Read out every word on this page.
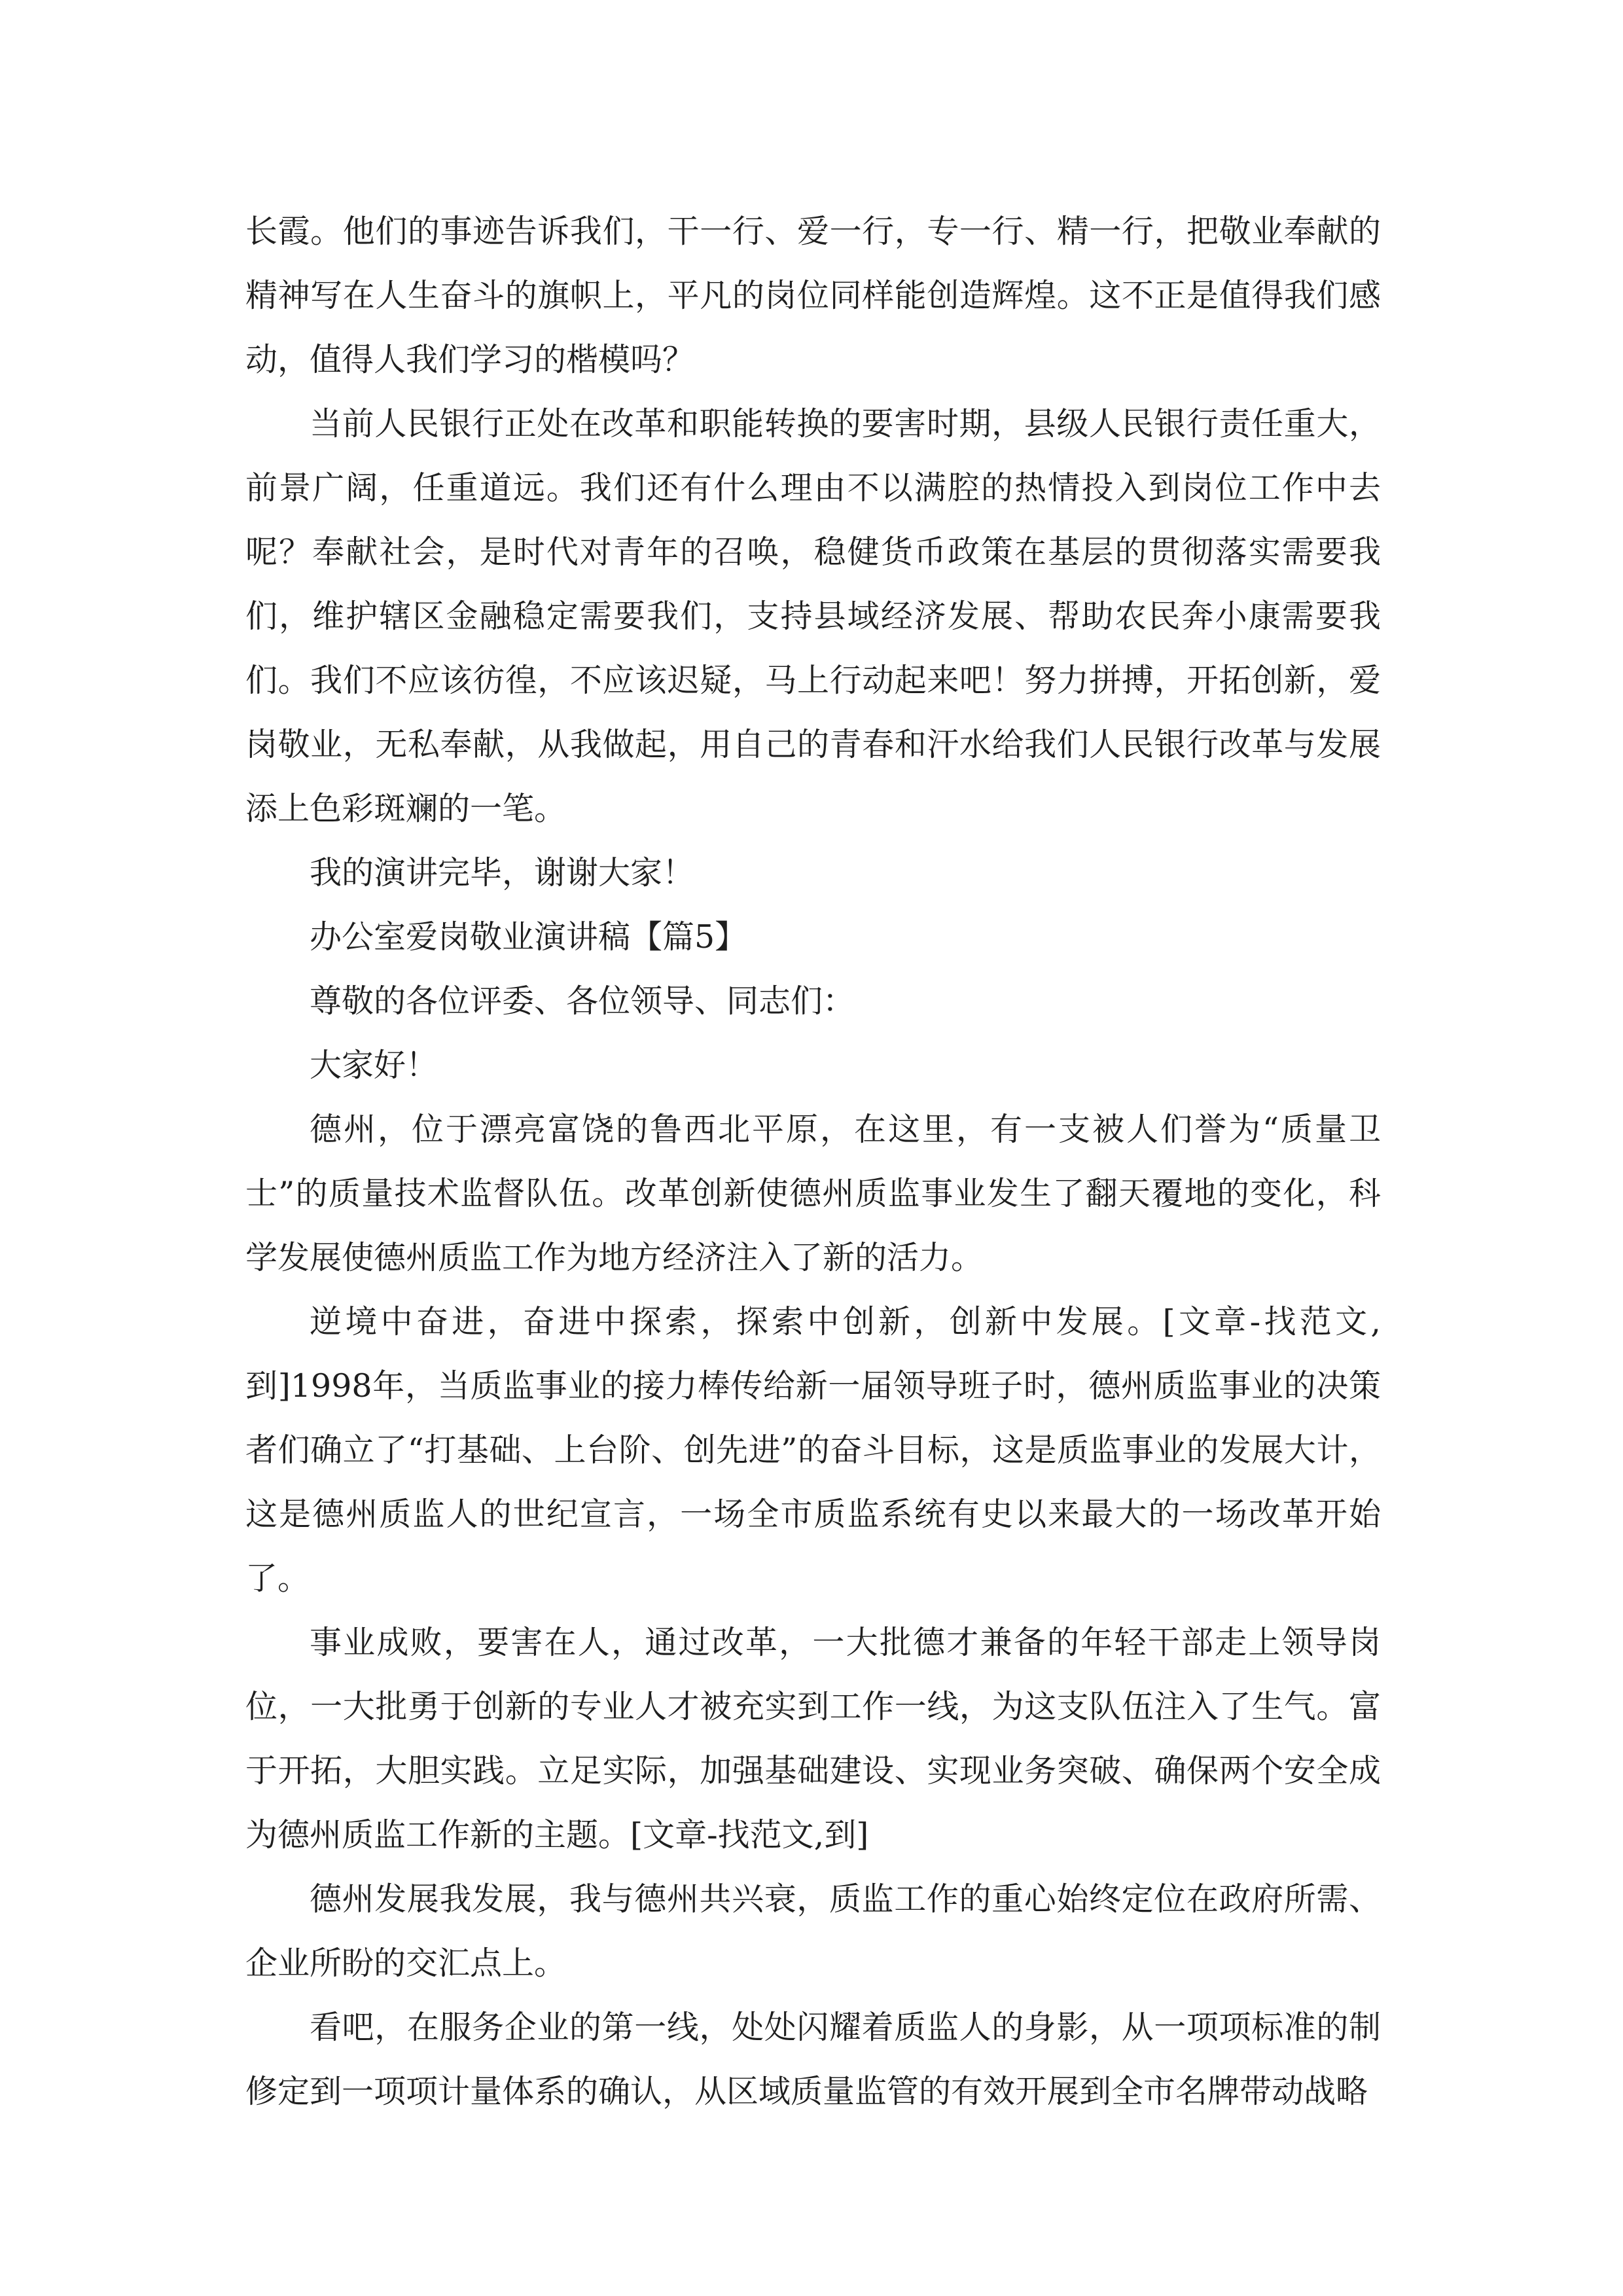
长霞。他们的事迹告诉我们，干一行、爱一行，专一行、精一行，把敬业奉献的精神写在人生奋斗的旗帜上，平凡的岗位同样能创造辉煌。这不正是值得我们感动，值得人我们学习的楷模吗？

当前人民银行正处在改革和职能转换的要害时期，县级人民银行责任重大，前景广阔，任重道远。我们还有什么理由不以满腔的热情投入到岗位工作中去呢？奉献社会，是时代对青年的召唤，稳健货币政策在基层的贯彻落实需要我们，维护辖区金融稳定需要我们，支持县域经济发展、帮助农民奔小康需要我们。我们不应该彷徨，不应该迟疑，马上行动起来吧！努力拼搏，开拓创新，爱岗敬业，无私奉献，从我做起，用自己的青春和汗水给我们人民银行改革与发展添上色彩斑斓的一笔。

我的演讲完毕，谢谢大家！

办公室爱岗敬业演讲稿【篇5】

尊敬的各位评委、各位领导、同志们：

大家好！

德州，位于漂亮富饶的鲁西北平原，在这里，有一支被人们誉为“质量卫士”的质量技术监督队伍。改革创新使德州质监事业发生了翻天覆地的变化，科学发展使德州质监工作为地方经济注入了新的活力。

逆境中奋进，奋进中探索，探索中创新，创新中发展。[文章-找范文,到]1998年，当质监事业的接力棒传给新一届领导班子时，德州质监事业的决策者们确立了“打基础、上台阶、创先进”的奋斗目标，这是质监事业的发展大计，这是德州质监人的世纪宣言，一场全市质监系统有史以来最大的一场改革开始了。

事业成败，要害在人，通过改革，一大批德才兼备的年轻干部走上领导岗位，一大批勇于创新的专业人才被充实到工作一线，为这支队伍注入了生气。富于开拓，大胆实践。立足实际，加强基础建设、实现业务突破、确保两个安全成为德州质监工作新的主题。[文章-找范文,到]

德州发展我发展，我与德州共兴衰，质监工作的重心始终定位在政府所需、企业所盼的交汇点上。

看吧，在服务企业的第一线，处处闪耀着质监人的身影，从一项项标准的制修定到一项项计量体系的确认，从区域质量监管的有效开展到全市名牌带动战略
